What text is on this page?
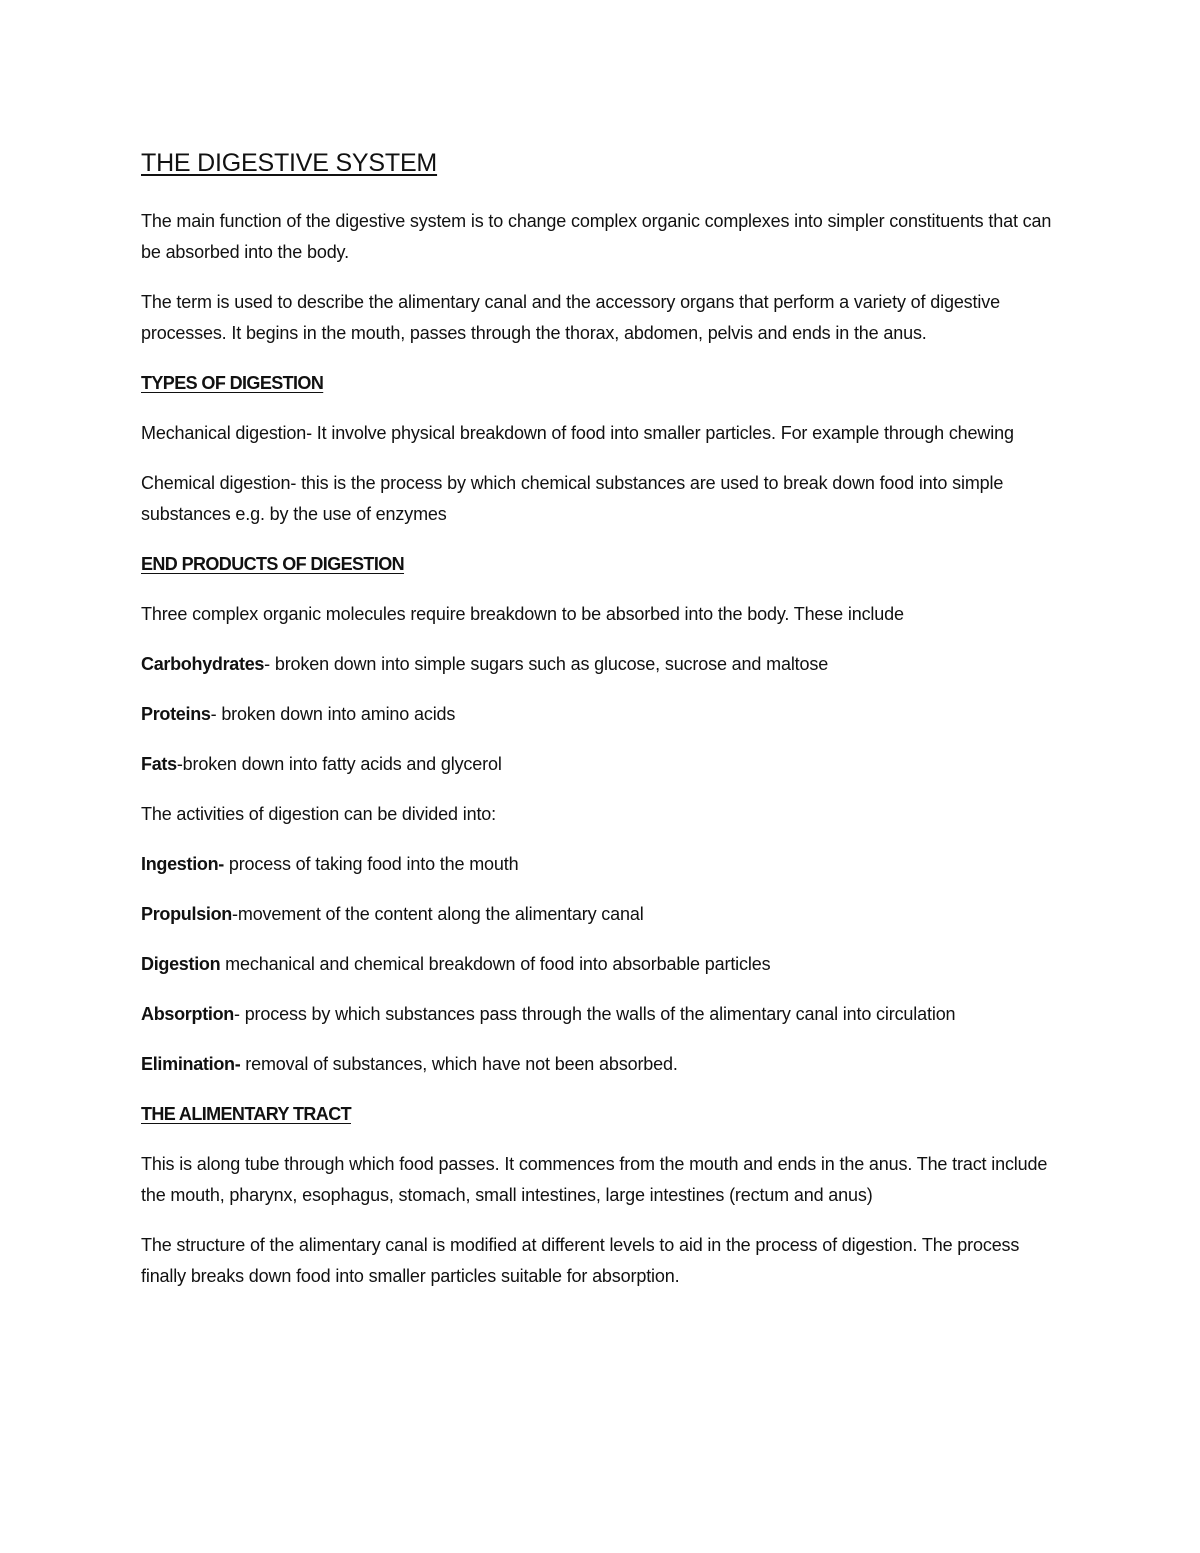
THE DIGESTIVE SYSTEM

The main function of the digestive system is to change complex organic complexes into simpler constituents that can be absorbed into the body.

The term is used to describe the alimentary canal and the accessory organs that perform a variety of digestive processes. It begins in the mouth, passes through the thorax, abdomen, pelvis and ends in the anus.

TYPES OF DIGESTION

Mechanical digestion- It involve physical breakdown of food into smaller particles. For example through chewing

Chemical digestion- this is the process by which chemical substances are used to break down food into simple substances e.g. by the use of enzymes

END PRODUCTS OF DIGESTION

Three complex organic molecules require breakdown to be absorbed into the body. These include

Carbohydrates- broken down into simple sugars such as glucose, sucrose and maltose

Proteins- broken down into amino acids

Fats-broken down into fatty acids and glycerol

The activities of digestion can be divided into:

Ingestion- process of taking food into the mouth

Propulsion-movement of the content along the alimentary canal

Digestion mechanical and chemical breakdown of food into absorbable particles

Absorption- process by which substances pass through the walls of the alimentary canal into circulation

Elimination- removal of substances, which have not been absorbed.

THE ALIMENTARY TRACT

This is along tube through which food passes. It commences from the mouth and ends in the anus. The tract include the mouth, pharynx, esophagus, stomach, small intestines, large intestines (rectum and anus)

The structure of the alimentary canal is modified at different levels to aid in the process of digestion. The process finally breaks down food into smaller particles suitable for absorption.
